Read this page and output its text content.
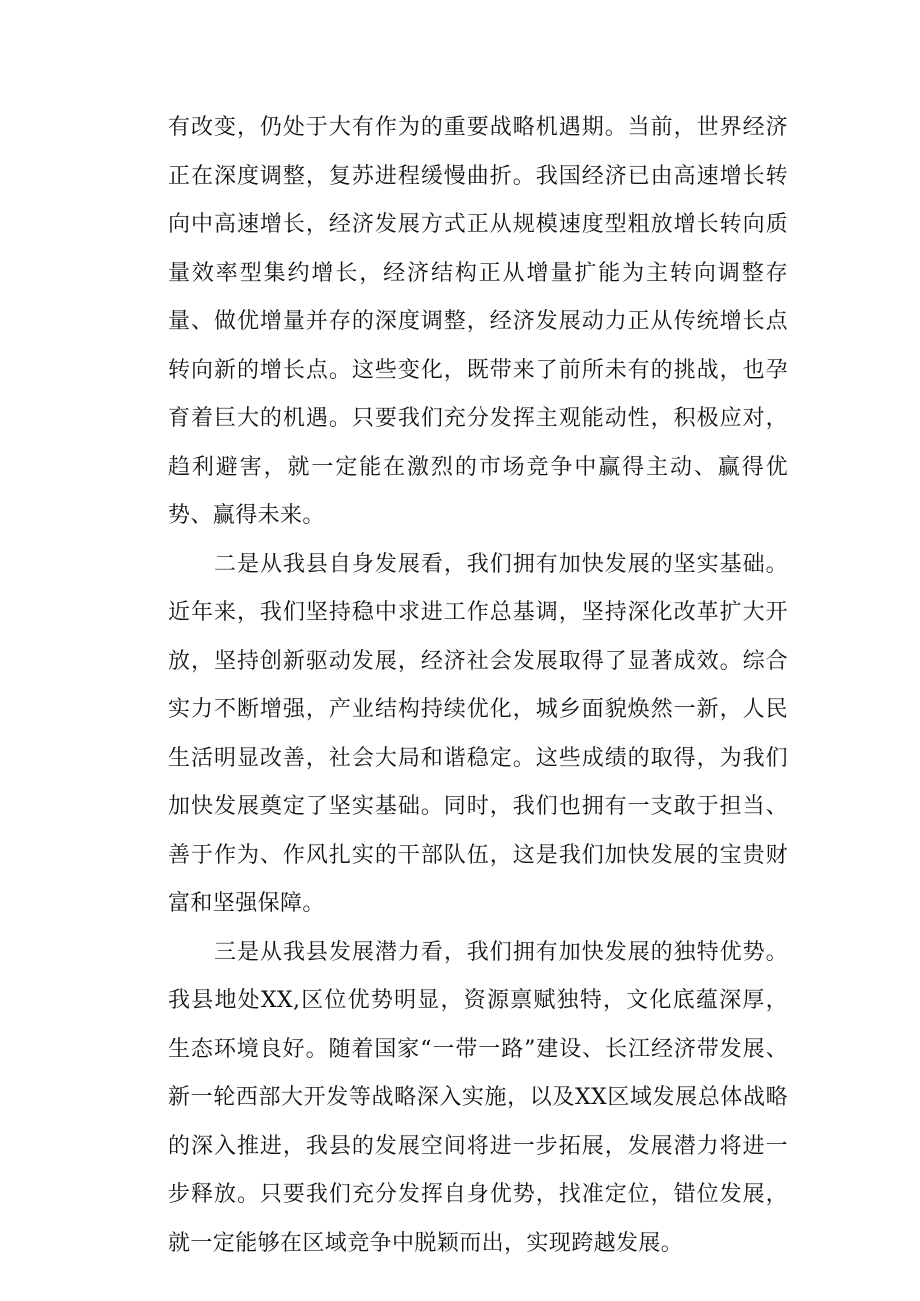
有改变，仍处于大有作为的重要战略机遇期。当前，世界经济正在深度调整，复苏进程缓慢曲折。我国经济已由高速增长转向中高速增长，经济发展方式正从规模速度型粗放增长转向质量效率型集约增长，经济结构正从增量扩能为主转向调整存量、做优增量并存的深度调整，经济发展动力正从传统增长点转向新的增长点。这些变化，既带来了前所未有的挑战，也孕育着巨大的机遇。只要我们充分发挥主观能动性，积极应对，趋利避害，就一定能在激烈的市场竞争中赢得主动、赢得优势、赢得未来。

二是从我县自身发展看，我们拥有加快发展的坚实基础。近年来，我们坚持稳中求进工作总基调，坚持深化改革扩大开放，坚持创新驱动发展，经济社会发展取得了显著成效。综合实力不断增强，产业结构持续优化，城乡面貌焕然一新，人民生活明显改善，社会大局和谐稳定。这些成绩的取得，为我们加快发展奠定了坚实基础。同时，我们也拥有一支敢于担当、善于作为、作风扎实的干部队伍，这是我们加快发展的宝贵财富和坚强保障。

三是从我县发展潜力看，我们拥有加快发展的独特优势。我县地处XX,区位优势明显，资源禀赋独特，文化底蕴深厚，生态环境良好。随着国家“一带一路”建设、长江经济带发展、新一轮西部大开发等战略深入实施，以及XX区域发展总体战略的深入推进，我县的发展空间将进一步拓展，发展潜力将进一步释放。只要我们充分发挥自身优势，找准定位，错位发展，就一定能够在区域竞争中脱颖而出，实现跨越发展。
